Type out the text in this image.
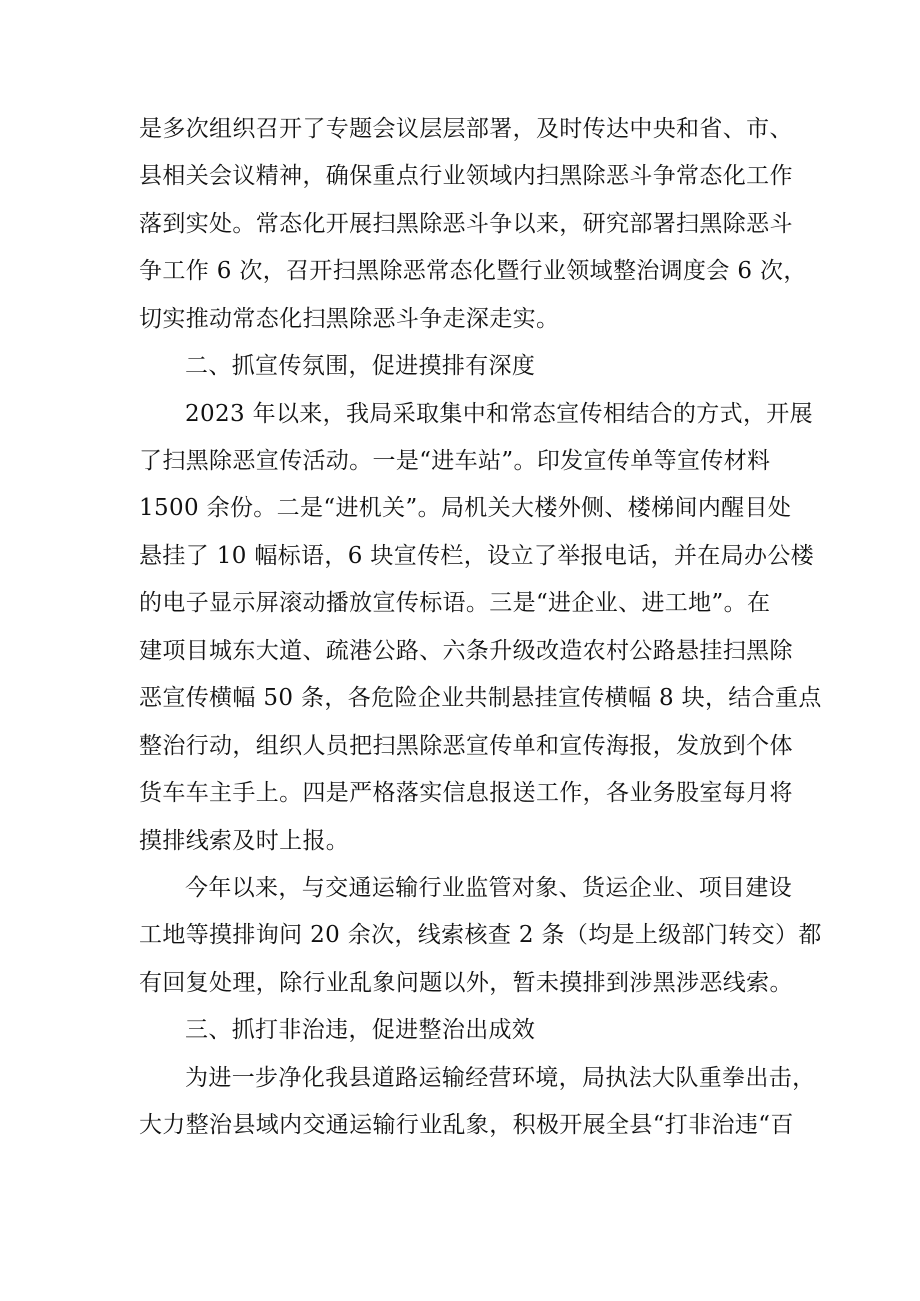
是多次组织召开了专题会议层层部署，及时传达中央和省、市、
县相关会议精神，确保重点行业领域内扫黑除恶斗争常态化工作
落到实处。常态化开展扫黑除恶斗争以来，研究部署扫黑除恶斗
争工作 6 次，召开扫黑除恶常态化暨行业领域整治调度会 6 次，
切实推动常态化扫黑除恶斗争走深走实。
二、抓宣传氛围，促进摸排有深度
2023 年以来，我局采取集中和常态宣传相结合的方式，开展
了扫黑除恶宣传活动。一是“进车站”。印发宣传单等宣传材料
1500 余份。二是“进机关”。局机关大楼外侧、楼梯间内醒目处
悬挂了 10 幅标语，6 块宣传栏，设立了举报电话，并在局办公楼
的电子显示屏滚动播放宣传标语。三是“进企业、进工地”。在
建项目城东大道、疏港公路、六条升级改造农村公路悬挂扫黑除
恶宣传横幅 50 条，各危险企业共制悬挂宣传横幅 8 块，结合重点
整治行动，组织人员把扫黑除恶宣传单和宣传海报，发放到个体
货车车主手上。四是严格落实信息报送工作，各业务股室每月将
摸排线索及时上报。
今年以来，与交通运输行业监管对象、货运企业、项目建设
工地等摸排询问 20 余次，线索核查 2 条（均是上级部门转交）都
有回复处理，除行业乱象问题以外，暂未摸排到涉黑涉恶线索。
三、抓打非治违，促进整治出成效
为进一步净化我县道路运输经营环境，局执法大队重拳出击，
大力整治县域内交通运输行业乱象，积极开展全县“打非治违“百
